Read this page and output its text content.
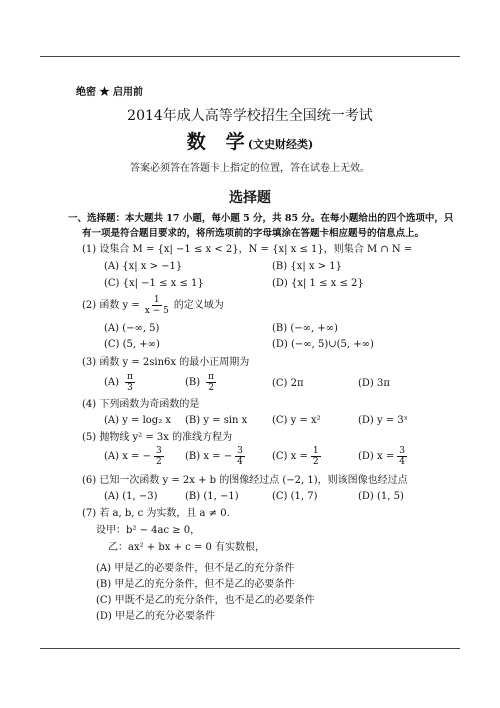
绝密 ★ 启用前
2014年成人高等学校招生全国统一考试
数   学 (文史财经类)
答案必须答在答题卡上指定的位置，答在试卷上无效。
选择题
一、选择题：本大题共 17 小题，每小题 5 分，共 85 分。在每小题给出的四个选项中，只
有一项是符合题目要求的，将所选项前的字母填涂在答题卡相应题号的信息点上。
(1) 设集合 M = {x| −1 ≤ x < 2}，N = {x| x ≤ 1}，则集合 M ∩ N =
(A) {x| x > −1}	(B) {x| x > 1}
(C) {x| −1 ≤ x ≤ 1}	(D) {x| 1 ≤ x ≤ 2}
(2) 函数 $y = \frac{1}{x - 5}$ 的定义域为
(A) (−∞, 5)	(B) (−∞, +∞)
(C) (5, +∞)	(D) (−∞, 5)∪(5, +∞)
(3) 函数 y = 2sin6x 的最小正周期为
$(A) \frac{\pi}{3}$	$(B) \frac{\pi}{2}$	(C) 2π	(D) 3π
(4) 下列函数为奇函数的是
(A) y = log₂ x (B) y = sin x (C) y = x²	(D) y = 3ˣ
(5) 抛物线 y² = 3x 的准线方程为
(A) x = − $\frac{3}{2} (B) x$ = − $\frac{3}{4}$	(C) $x = \frac{1}{2}$	(D) $x = \frac{3}{4}$
(6) 已知一次函数 y = 2x + b 的图像经过点 (−2, 1)，则该图像也经过点
(A) (1, −3)	(B) (1, −1)	(C) (1, 7)	(D) (1, 5)
(7) 若 a, b, c 为实数，且 a ≠ 0.
设甲：b² − 4ac ≥ 0，
乙：ax² + bx + c = 0 有实数根，
(A) 甲是乙的必要条件，但不是乙的充分条件
(B) 甲是乙的充分条件，但不是乙的必要条件
(C) 甲既不是乙的充分条件，也不是乙的必要条件
(D) 甲是乙的充分必要条件
